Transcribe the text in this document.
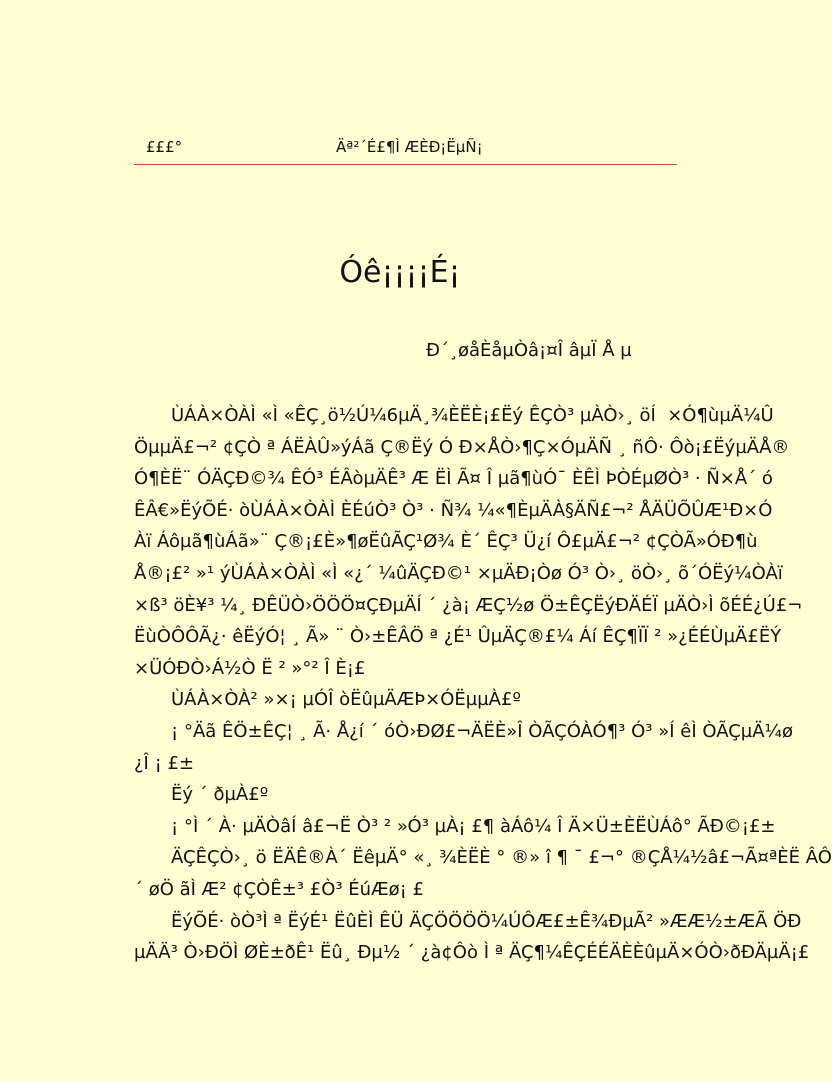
£££°	Äª²´É£¶Ì ÆÈÐ¡ËµÑ¡
Óê¡¡¡¡É¡
Ð´¸øåÈåµÒâ¡¤Î âµÏ Å µ
ÙÁÀ×ÒÀÌ «Ì «ÊÇ¸ö½Ú¼6µÄ¸¾ÈËÈ¡£Ëý ÊÇÒ³ µÀÒ›¸ öÍ ×Ó¶ùµÄ¼Û
ÖµµÄ£¬² ¢ÇÒ ª ÁËÀÛ»ýÁã Ç®Ëý Ó Ð×ÅÒ›¶Ç×ÓµÄÑ ¸ ñÔ· Ôò¡£ËýµÄÅ®
Ó¶ÈË¨ ÓÄÇÐ©¾ ÊÓ³ ÉÂòµÄÊ³ Æ ËÌ Ã¤ Î µã¶ùÓ¯ ÈÊÌ ÞÒÉµØÒ³ · Ñ×Å´ ó
ÊÂ€»ËýÕÉ· òÙÁÀ×ÒÀÌ ÈÉúÒ³ Ò³ · Ñ¾ ¼«¶ÈµÄÀ§ÄÑ£¬² ÅÄÜÕÛÆ¹Ð×Ó
Àï Áôµã¶ùÁã»¨ Ç®¡£È»¶øËûÃÇ¹Ø¾ È´ ÊÇ³ Ü¿í Ô£µÄ£¬² ¢ÇÒÃ»ÓÐ¶ù
Å®¡£² »¹ ýÙÁÀ×ÒÀÌ «Ì «¿´ ¼ûÄÇÐ©¹ ×µÄÐ¡Òø Ó³ Ò›¸ öÒ›¸ õ´ÓËý¼ÒÀï
×ß³ öÈ¥³ ¼¸ ÐÊÜÒ›ÖÖÖ¤ÇÐµÄÍ ´ ¿à¡ ÆÇ½ø Ö±ÊÇËýÐÄÉÏ µÄÒ›Ì õÉÉ¿Ú£¬
ËùÒÔÔÃ¿· êËýÓ¦ ¸ Ã» ¨ Ò›±ÊÂÖ ª ¿É¹ ÛµÄÇ®£¼ Áí ÊÇ¶ÏÏ ² »¿ÉÉÙµÄ£ËÝ
×ÜÓÐÒ›Á½Ò Ë ² »°² Î È¡£
ÙÁÀ×ÒÀ² »×¡ µÓÎ òËûµÄÆÞ×ÓËµµÀ£º
¡ °Äã ÊÖ±ÊÇ¦ ¸ Ã· Å¿í ´ óÒ›ÐØ£¬ÄËÈ»Î ÒÃÇÓÀÓ¶³ Ó³ »Í êÌ ÒÃÇµÄ¼ø
¿Î ¡ £±
Ëý ´ ðµÀ£º
¡ °Ì ´ À· µÄÒâÍ â£¬Ë Ò³ ² »Ó³ µÀ¡ £¶ àÁô¼ Î Ä×Ü±ÈËÙÁô° ÃÐ©¡£±
ÄÇÊÇÒ›¸ ö ËÄÊ®À´ ËêµÄ° «¸ ¾ÈËÈ ° ®» î ¶ ¯ £¬° ®ÇÅ¼½â£¬Ã¤ªÈË ÂÔ
´ øÖ ãÌ Æ² ¢ÇÒÊ±³ £Ò³ ÉúÆø¡ £
ËýÕÉ· òÒ³Ì ª ËýÉ¹ ËûÈÌ ÊÜ ÄÇÖÖÖÖ¼ÚÔÆ£±Ê¾ÐµÃ² »ÆÆ½±ÆÃ ÖÐ
µÄÄ³ Ò›ÐÖÌ ØÈ±ðÊ¹ Ëû¸ Ðµ½ ´ ¿à¢Ôò Ì ª ÄÇ¶¼ÊÇÉÉÄÈÈûµÄ×ÓÒ›ðÐÄµÄ¡£
